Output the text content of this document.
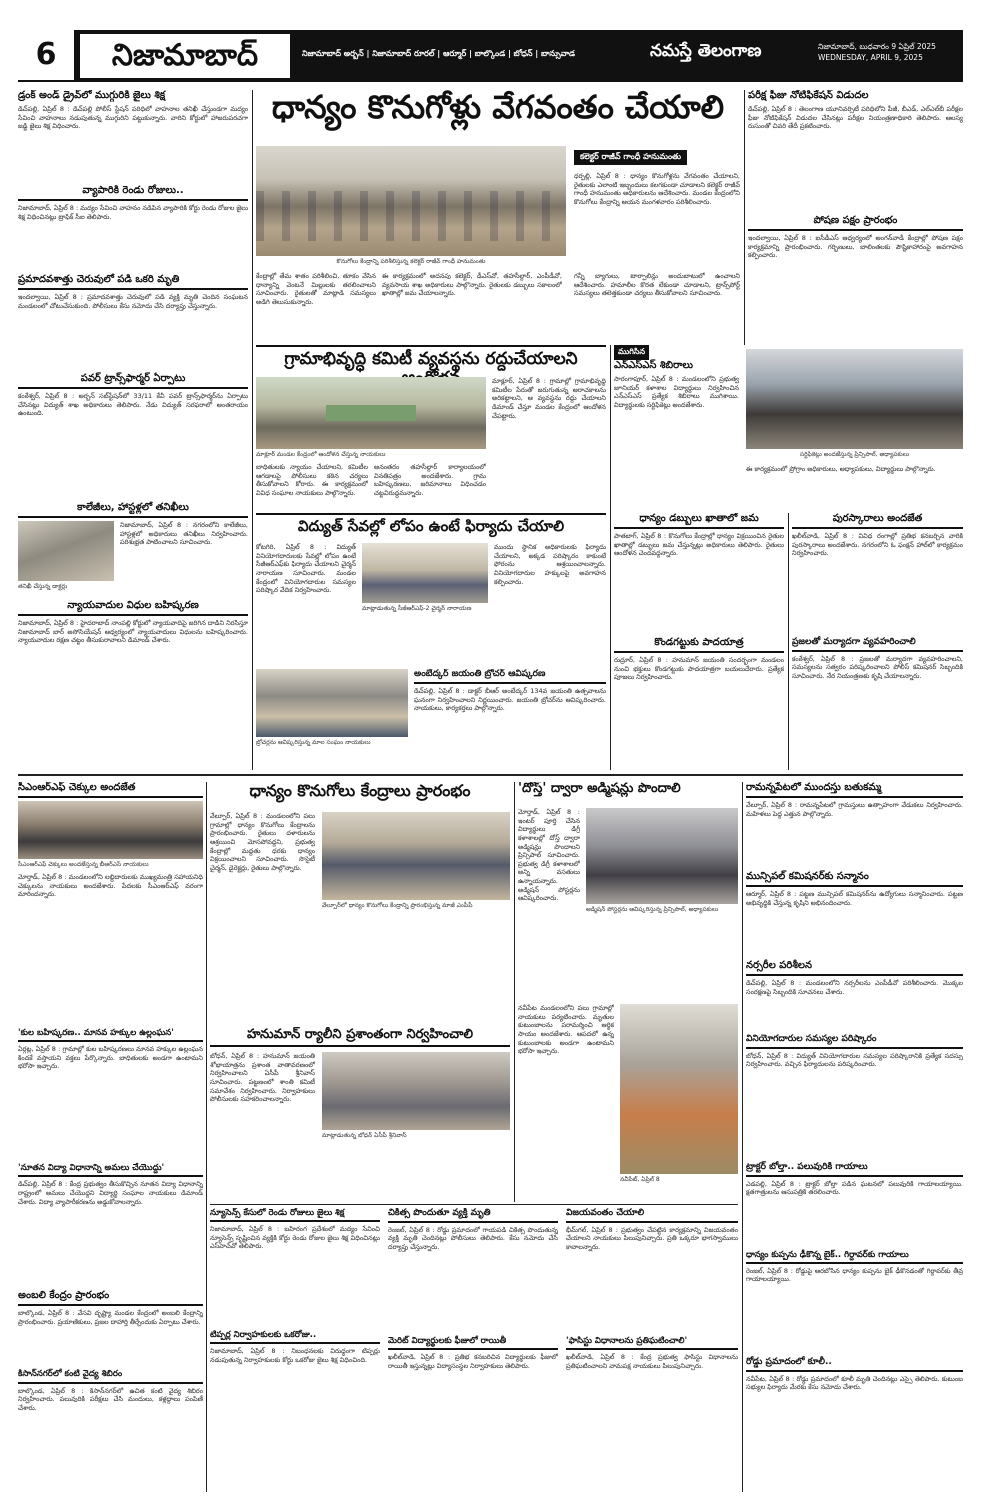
6	నిజామాబాద్	నిజామాబాద్ అర్బన్ | నిజామాబాద్ రూరల్ | ఆర్మూర్ | బాల్కొండ | బోధన్ | బాన్సువాడ	నమస్తే తెలంగాణ	నిజామాబాద్, బుధవారం 9 ఏప్రిల్ 2025
WEDNESDAY, APRIL 9, 2025
డ్రంక్ అండ్ డ్రైవ్‌లో ముగ్గురికి జైలు శిక్ష
డిచ్‌పల్లి, ఏప్రిల్ 8 : డిచ్‌పల్లి పోలీస్ స్టేషన్ పరిధిలో వాహనాల తనిఖీ చేస్తుండగా మద్యం సేవించి వాహనాలు నడుపుతున్న ముగ్గురిని పట్టుకున్నారు. వారిని కోర్టులో హాజరుపరచగా జడ్జి జైలు శిక్ష విధించారు.
వ్యాపారికి రెండు రోజులు..
నిజామాబాద్, ఏప్రిల్ 8 : మద్యం సేవించి వాహనం నడిపిన వ్యాపారికి కోర్టు రెండు రోజుల జైలు శిక్ష విధించినట్లు ట్రాఫిక్ సీఐ తెలిపారు.
ప్రమాదవశాత్తు చెరువులో పడి ఒకరి మృతి
ఇందల్వాయి, ఏప్రిల్ 8 : ప్రమాదవశాత్తు చెరువులో పడి వ్యక్తి మృతి చెందిన సంఘటన మండలంలో చోటుచేసుకుంది. పోలీసులు కేసు నమోదు చేసి దర్యాప్తు చేస్తున్నారు.
పవర్ ట్రాన్స్‌ఫార్మర్ ఏర్పాటు
కంఠేశ్వర్, ఏప్రిల్ 8 : అర్బన్ సబ్‌స్టేషన్‌లో 33/11 కేవీ పవర్ ట్రాన్స్‌ఫార్మర్‌ను ఏర్పాటు చేసినట్లు విద్యుత్ శాఖ అధికారులు తెలిపారు. నేడు విద్యుత్ సరఫరాలో అంతరాయం ఉంటుంది.
కాలేజీలు, హాస్టళ్లలో తనిఖీలు
తనిఖీ చేస్తున్న డాక్టర్లు
నిజామాబాద్, ఏప్రిల్ 8 : నగరంలోని కాలేజీలు, హాస్టళ్లలో అధికారులు తనిఖీలు నిర్వహించారు. పరిశుభ్రత పాటించాలని సూచించారు.
న్యాయవాదుల విధుల బహిష్కరణ
నిజామాబాద్, ఏప్రిల్ 8 : హైదరాబాద్ నాంపల్లి కోర్టులో న్యాయవాదిపై జరిగిన దాడిని నిరసిస్తూ నిజామాబాద్ బార్ అసోసియేషన్ ఆధ్వర్యంలో న్యాయవాదులు విధులను బహిష్కరించారు. న్యాయవాదుల రక్షణ చట్టం తీసుకురావాలని డిమాండ్ చేశారు.
ధాన్యం కొనుగోళ్లు వేగవంతం చేయాలి
కొనుగోలు కేంద్రాన్ని పరిశీలిస్తున్న కలెక్టర్ రాజీవ్ గాంధీ హనుమంతు
కలెక్టర్ రాజీవ్ గాంధీ హనుమంతు
ధర్పల్లి, ఏప్రిల్ 8 : ధాన్యం కొనుగోళ్లను వేగవంతం చేయాలని, రైతులకు ఎలాంటి ఇబ్బందులు కలగకుండా చూడాలని కలెక్టర్ రాజీవ్ గాంధీ హనుమంతు అధికారులను ఆదేశించారు. మండల కేంద్రంలోని కొనుగోలు కేంద్రాన్ని ఆయన మంగళవారం పరిశీలించారు.
కేంద్రాల్లో తేమ శాతం పరిశీలించి, తూకం వేసిన ధాన్యాన్ని వెంటనే మిల్లులకు తరలించాలని సూచించారు. రైతులతో మాట్లాడి సమస్యలు అడిగి తెలుసుకున్నారు.
ఈ కార్యక్రమంలో అదనపు కలెక్టర్, డీఎస్‌వో, తహసీల్దార్, ఎంపీడీవో, వ్యవసాయ శాఖ అధికారులు పాల్గొన్నారు. రైతులకు డబ్బులు సకాలంలో ఖాతాల్లో జమ చేయాలన్నారు.
గన్నీ బ్యాగులు, టార్పాలిన్లు అందుబాటులో ఉంచాలని ఆదేశించారు. హమాలీల కొరత లేకుండా చూడాలని, ట్రాన్స్‌పోర్ట్ సమస్యలు తలెత్తకుండా చర్యలు తీసుకోవాలని సూచించారు.
పరీక్ష ఫీజు నోటిఫికేషన్ విడుదల
డిచ్‌పల్లి, ఏప్రిల్ 8 : తెలంగాణ యూనివర్సిటీ పరిధిలోని పీజీ, బీఎడ్, ఎల్ఎల్‌బీ పరీక్షల ఫీజు నోటిఫికేషన్ విడుదల చేసినట్లు పరీక్షల నియంత్రణాధికారి తెలిపారు. ఆలస్య రుసుంతో చివరి తేదీ ప్రకటించారు.
పోషణ పక్షం ప్రారంభం
ఇందల్వాయి, ఏప్రిల్ 8 : ఐసీడీఎస్ ఆధ్వర్యంలో అంగన్‌వాడీ కేంద్రాల్లో పోషణ పక్షం కార్యక్రమాన్ని ప్రారంభించారు. గర్భిణులు, బాలింతలకు పౌష్టికాహారంపై అవగాహన కల్పించారు.
గ్రామాభివృద్ధి కమిటీ వ్యవస్థను రద్దుచేయాలని
మాక్లూర్ మండల కేంద్రంలో ఆందోళన చేస్తున్న నాయకులు
మాక్లూర్, ఏప్రిల్ 8 : గ్రామాల్లో గ్రామాభివృద్ధి కమిటీల పేరుతో జరుగుతున్న అరాచకాలను అరికట్టాలని, ఆ వ్యవస్థను రద్దు చేయాలని డిమాండ్ చేస్తూ మండల కేంద్రంలో ఆందోళన చేపట్టారు.
బాధితులకు న్యాయం చేయాలని, కమిటీల ఆగడాలపై పోలీసులు కఠిన చర్యలు తీసుకోవాలని కోరారు. ఈ కార్యక్రమంలో వివిధ సంఘాల నాయకులు పాల్గొన్నారు.
అనంతరం తహసీల్దార్ కార్యాలయంలో వినతిపత్రం అందజేశారు. గ్రామ బహిష్కరణలు, జరిమానాలు విధించడం చట్టవిరుద్ధమన్నారు.
ముగిసిన
ఎన్ఎస్ఎస్ శిబిరాలు
సారంగాపూర్, ఏప్రిల్ 8 : మండలంలోని ప్రభుత్వ జూనియర్ కళాశాల విద్యార్థులు నిర్వహించిన ఎన్ఎస్ఎస్ ప్రత్యేక శిబిరాలు ముగిశాయి. విద్యార్థులకు సర్టిఫికెట్లు అందజేశారు.
సర్టిఫికెట్లు అందజేస్తున్న ప్రిన్సిపాల్, అధ్యాపకులు
ఈ కార్యక్రమంలో ప్రోగ్రాం అధికారులు, అధ్యాపకులు, విద్యార్థులు పాల్గొన్నారు.
విద్యుత్ సేవల్లో లోపం ఉంటే ఫిర్యాదు చేయాలి
కోటగిరి, ఏప్రిల్ 8 : విద్యుత్ వినియోగదారులకు సేవల్లో లోపం ఉంటే సీజీఆర్ఎఫ్‌కు ఫిర్యాదు చేయాలని చైర్మన్ నారాయణ సూచించారు. మండల కేంద్రంలో వినియోగదారుల సమస్యల పరిష్కార వేదిక నిర్వహించారు.
మాట్లాడుతున్న సీజీఆర్ఎఫ్-2 చైర్మన్ నారాయణ
ముందు స్థానిక అధికారులకు ఫిర్యాదు చేయాలని, అక్కడ పరిష్కారం కాకుంటే ఫోరంను ఆశ్రయించాలన్నారు. వినియోగదారుల హక్కులపై అవగాహన కల్పించారు.
బ్రోచర్లను ఆవిష్కరిస్తున్న మాల సంఘం నాయకులు
అంబేద్కర్ జయంతి బ్రోచర్ ఆవిష్కరణ
డిచ్‌పల్లి, ఏప్రిల్ 8 : డాక్టర్ బీఆర్ అంబేద్కర్ 134వ జయంతి ఉత్సవాలను ఘనంగా నిర్వహించాలని నిర్ణయించారు. జయంతి బ్రోచర్‌ను ఆవిష్కరించారు. నాయకులు, కార్యకర్తలు పాల్గొన్నారు.
ధాన్యం డబ్బులు ఖాతాలో జమ
పాతబాగ్, ఏప్రిల్ 8 : కొనుగోలు కేంద్రాల్లో ధాన్యం విక్రయించిన రైతుల ఖాతాల్లో డబ్బులు జమ చేస్తున్నట్లు అధికారులు తెలిపారు. రైతులు ఆందోళన చెందవద్దన్నారు.
కొండగట్టుకు పాదయాత్ర
రుద్రూర్, ఏప్రిల్ 8 : హనుమాన్ జయంతి సందర్భంగా మండలం నుంచి భక్తులు కొండగట్టుకు పాదయాత్రగా బయలుదేరారు. ప్రత్యేక పూజలు నిర్వహించారు.
పురస్కారాలు అందజేత
ఖలీల్‌వాడి, ఏప్రిల్ 8 : వివిధ రంగాల్లో ప్రతిభ కనబర్చిన వారికి పురస్కారాలు అందజేశారు. నగరంలోని ఓ ఫంక్షన్ హాల్‌లో కార్యక్రమం నిర్వహించారు.
ప్రజలతో మర్యాదగా వ్యవహరించాలి
కంఠేశ్వర్, ఏప్రిల్ 8 : ప్రజలతో మర్యాదగా వ్యవహరించాలని, సమస్యలను సత్వరం పరిష్కరించాలని పోలీస్ కమిషనర్ సిబ్బందికి సూచించారు. నేర నియంత్రణకు కృషి చేయాలన్నారు.
సీఎంఆర్ఎఫ్ చెక్కుల అందజేత
సీఎంఆర్ఎఫ్ చెక్కులు అందజేస్తున్న బీఆర్ఎస్ నాయకులు
మోర్తాడ్, ఏప్రిల్ 8 : మండలంలోని లబ్ధిదారులకు ముఖ్యమంత్రి సహాయనిధి చెక్కులను నాయకులు అందజేశారు. పేదలకు సీఎంఆర్ఎఫ్ వరంగా మారిందన్నారు.
'కుల బహిష్కరణ.. మానవ హక్కుల ఉల్లంఘన'
ఏర్గట్ల, ఏప్రిల్ 8 : గ్రామాల్లో కుల బహిష్కరణలు మానవ హక్కుల ఉల్లంఘన కిందకే వస్తాయని వక్తలు పేర్కొన్నారు. బాధితులకు అండగా ఉంటామని భరోసా ఇచ్చారు.
'నూతన విద్యా విధానాన్ని అమలు చేయొద్దు'
డిచ్‌పల్లి, ఏప్రిల్ 8 : కేంద్ర ప్రభుత్వం తీసుకొచ్చిన నూతన విద్యా విధానాన్ని రాష్ట్రంలో అమలు చేయొద్దని విద్యార్థి సంఘాల నాయకులు డిమాండ్ చేశారు. విద్యా వ్యాపారీకరణను అడ్డుకోవాలన్నారు.
అంబలి కేంద్రం ప్రారంభం
బాల్కొండ, ఏప్రిల్ 8 : వేసవి దృష్ట్యా మండల కేంద్రంలో అంబలి కేంద్రాన్ని ప్రారంభించారు. ప్రయాణికులు, ప్రజల దాహార్తి తీర్చేందుకు ఏర్పాటు చేశారు.
కిసాన్‌నగర్‌లో కంటి వైద్య శిబిరం
బాల్కొండ, ఏప్రిల్ 8 : కిసాన్‌నగర్‌లో ఉచిత కంటి వైద్య శిబిరం నిర్వహించారు. పలువురికి పరీక్షలు చేసి మందులు, కళ్లద్దాలు పంపిణీ చేశారు.
ధాన్యం కొనుగోలు కేంద్రాలు ప్రారంభం
వేల్పూర్, ఏప్రిల్ 8 : మండలంలోని పలు గ్రామాల్లో ధాన్యం కొనుగోలు కేంద్రాలను ప్రారంభించారు. రైతులు దళారులను ఆశ్రయించి మోసపోవద్దని, ప్రభుత్వ కేంద్రాల్లో మద్దతు ధరకు ధాన్యం విక్రయించాలని సూచించారు. సొసైటీ చైర్మన్, డైరెక్టర్లు, రైతులు పాల్గొన్నారు.
వేల్పూర్‌లో ధాన్యం కొనుగోలు కేంద్రాన్ని ప్రారంభిస్తున్న మాజీ ఎంపీపీ
హనుమాన్ ర్యాలీని ప్రశాంతంగా నిర్వహించాలి
బోధన్, ఏప్రిల్ 8 : హనుమాన్ జయంతి శోభాయాత్రను ప్రశాంత వాతావరణంలో నిర్వహించాలని ఏసీపీ శ్రీనివాస్ సూచించారు. పట్టణంలో శాంతి కమిటీ సమావేశం నిర్వహించారు. నిర్వాహకులు పోలీసులకు సహకరించాలన్నారు.
మాట్లాడుతున్న బోధన్ ఏసీపీ శ్రీనివాస్
'దోస్త్' ద్వారా అడ్మిషన్లు పొందాలి
మోర్తాడ్, ఏప్రిల్ 8 : ఇంటర్ పూర్తి చేసిన విద్యార్థులు డిగ్రీ కళాశాలల్లో దోస్త్ ద్వారా అడ్మిషన్లు పొందాలని ప్రిన్సిపాల్ సూచించారు. ప్రభుత్వ డిగ్రీ కళాశాలలో అన్ని వసతులు ఉన్నాయన్నారు. అడ్మిషన్ పోస్టర్లను ఆవిష్కరించారు.
అడ్మిషన్ పోస్టర్లను ఆవిష్కరిస్తున్న ప్రిన్సిపాల్, అధ్యాపకులు
నవీపేట మండలంలోని పలు గ్రామాల్లో నాయకులు పర్యటించారు. మృతుల కుటుంబాలను పరామర్శించి ఆర్థిక సాయం అందజేశారు. ఆపదలో ఉన్న కుటుంబాలకు అండగా ఉంటామని భరోసా ఇచ్చారు.
నవీపేట్, ఏప్రిల్ 8
రామన్నపేటలో ముందస్తు బతుకమ్మ
వేల్పూర్, ఏప్రిల్ 8 : రామన్నపేటలో గ్రామస్తులు ఉత్సాహంగా వేడుకలు నిర్వహించారు. మహిళలు పెద్ద ఎత్తున పాల్గొన్నారు.
మున్సిపల్ కమిషనర్‌కు సన్మానం
ఆర్మూర్, ఏప్రిల్ 8 : పట్టణ మున్సిపల్ కమిషనర్‌ను ఉద్యోగులు సన్మానించారు. పట్టణ అభివృద్ధికి చేస్తున్న కృషిని అభినందించారు.
నర్సరీల పరిశీలన
డిచ్‌పల్లి, ఏప్రిల్ 8 : మండలంలోని నర్సరీలను ఎంపీడీవో పరిశీలించారు. మొక్కల సంరక్షణపై సిబ్బందికి సూచనలు చేశారు.
వినియోగదారుల సమస్యల పరిష్కారం
బోధన్, ఏప్రిల్ 8 : విద్యుత్ వినియోగదారుల సమస్యల పరిష్కారానికి ప్రత్యేక సదస్సు నిర్వహించారు. వచ్చిన ఫిర్యాదులను పరిష్కరించారు.
ట్రాక్టర్ బోల్తా.. పలువురికి గాయాలు
ఎడపల్లి, ఏప్రిల్ 8 : ట్రాక్టర్ బోల్తా పడిన ఘటనలో పలువురికి గాయాలయ్యాయి. క్షతగాత్రులను ఆసుపత్రికి తరలించారు.
ధాన్యం కుప్పను ఢీకొన్న బైక్.. గిర్దావర్‌కు గాయాలు
రెంజల్, ఏప్రిల్ 8 : రోడ్డుపై ఆరబోసిన ధాన్యం కుప్పను బైక్ ఢీకొనడంతో గిర్దావర్‌కు తీవ్ర గాయాలయ్యాయి.
రోడ్డు ప్రమాదంలో కూలీ..
నవీపేట, ఏప్రిల్ 8 : రోడ్డు ప్రమాదంలో కూలీ మృతి చెందినట్లు ఎస్సై తెలిపారు. కుటుంబ సభ్యుల ఫిర్యాదు మేరకు కేసు నమోదు చేశారు.
న్యూసెన్స్ కేసులో రెండు రోజులు జైలు శిక్ష
నిజామాబాద్, ఏప్రిల్ 8 : బహిరంగ ప్రదేశంలో మద్యం సేవించి న్యూసెన్స్ సృష్టించిన వ్యక్తికి కోర్టు రెండు రోజుల జైలు శిక్ష విధించినట్లు ఎస్‌హెచ్‌వో తెలిపారు.
టిప్పర్ల నిర్వాహకులకు ఒకరోజు..
నిజామాబాద్, ఏప్రిల్ 8 : నిబంధనలకు విరుద్ధంగా టిప్పర్లు నడుపుతున్న నిర్వాహకులకు కోర్టు ఒకరోజు జైలు శిక్ష విధించింది.
చికిత్స పొందుతూ వ్యక్తి మృతి
రెంజల్, ఏప్రిల్ 8 : రోడ్డు ప్రమాదంలో గాయపడి చికిత్స పొందుతున్న వ్యక్తి మృతి చెందినట్లు పోలీసులు తెలిపారు. కేసు నమోదు చేసి దర్యాప్తు చేస్తున్నారు.
మెరిట్ విద్యార్థులకు ఫీజులో రాయితీ
ఖలీల్‌వాడి, ఏప్రిల్ 8 : ప్రతిభ కనబరిచిన విద్యార్థులకు ఫీజులో రాయితీ ఇస్తున్నట్లు విద్యాసంస్థల నిర్వాహకులు తెలిపారు.
విజయవంతం చేయాలి
భీమ్‌గల్, ఏప్రిల్ 8 : ప్రభుత్వం చేపట్టిన కార్యక్రమాన్ని విజయవంతం చేయాలని నాయకులు పిలుపునిచ్చారు. ప్రతి ఒక్కరూ భాగస్వాములు కావాలన్నారు.
'ఫాసిస్టు విధానాలను ప్రతిఘటించాలి'
ఖలీల్‌వాడి, ఏప్రిల్ 8 : కేంద్ర ప్రభుత్వ ఫాసిస్టు విధానాలను ప్రతిఘటించాలని వామపక్ష నాయకులు పిలుపునిచ్చారు.
